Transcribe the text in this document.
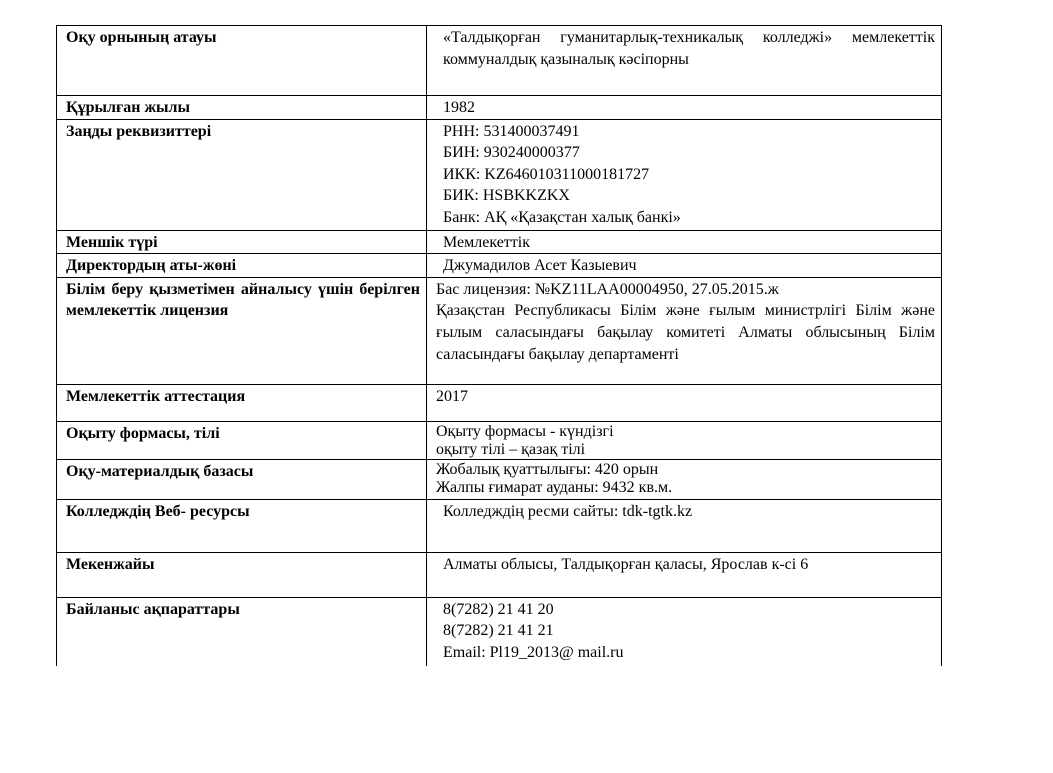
Оқу орнының атауы	«Талдықорған гуманитарлық-техникалық колледжі» мемлекеттік коммуналдық қазыналық кәсіпорны

Құрылған жылы	1982

Заңды реквизиттері	РНН: 531400037491
БИН: 930240000377
ИКК: KZ646010311000181727
БИК: HSBKKZKX
Банк: АҚ «Қазақстан халық банкі»

Меншік түрі	Мемлекеттік

Директордың аты-жөні	Джумадилов Асет Казыевич

Білім беру қызметімен айналысу үшін берілген мемлекеттік лицензия	Бас лицензия: №KZ11LAA00004950, 27.05.2015.ж
Қазақстан Республикасы Білім және ғылым министрлігі Білім және ғылым саласындағы бақылау комитеті Алматы облысының Білім саласындағы бақылау департаменті

Мемлекеттік аттестация	2017

Оқыту формасы, тілі	Оқыту формасы - күндізгі
оқыту тілі – қазақ тілі

Оқу-материалдық базасы	Жобалық қуаттылығы: 420 орын
Жалпы ғимарат ауданы: 9432 кв.м.

Колледждің Веб- ресурсы	Колледждің ресми сайты: tdk-tgtk.kz

Мекенжайы	Алматы облысы, Талдықорған қаласы, Ярослав к-сі 6

Байланыс ақпараттары	8(7282) 21 41 20
8(7282) 21 41 21
Email: Pl19_2013@ mail.ru
